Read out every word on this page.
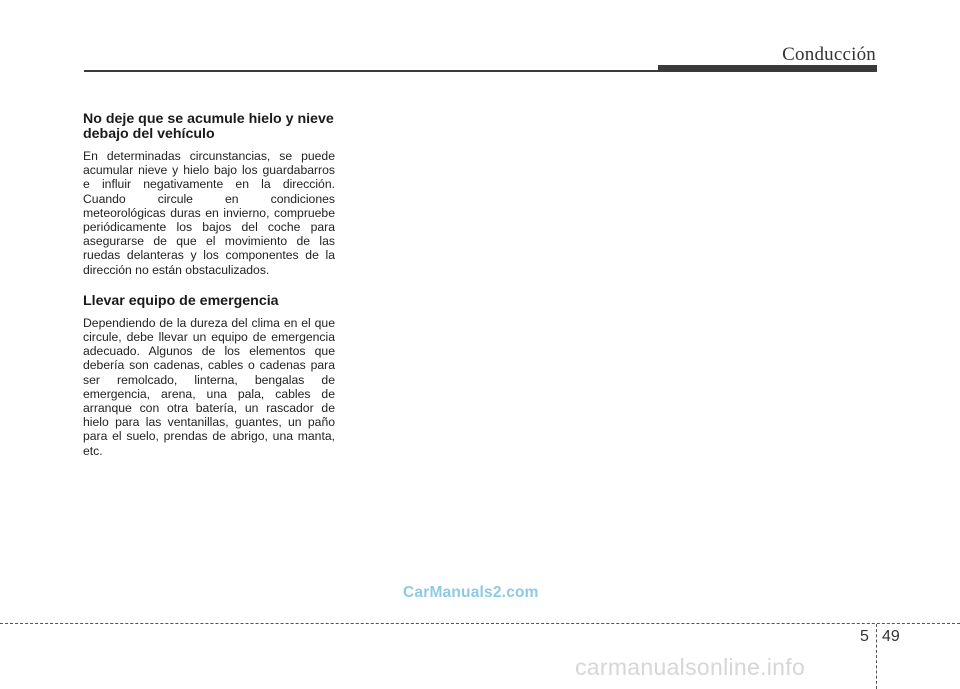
Conducción
No deje que se acumule hielo y nieve debajo del vehículo

En determinadas circunstancias, se puede acumular nieve y hielo bajo los guardabarros e influir negativamente en la dirección. Cuando circule en condiciones meteorológicas duras en invierno, compruebe periódicamente los bajos del coche para asegurarse de que el movimiento de las ruedas delanteras y los componentes de la dirección no están obstaculizados.

Llevar equipo de emergencia

Dependiendo de la dureza del clima en el que circule, debe llevar un equipo de emergencia adecuado. Algunos de los elementos que debería son cadenas, cables o cadenas para ser remolcado, linterna, bengalas de emergencia, arena, una pala, cables de arranque con otra batería, un rascador de hielo para las ventanillas, guantes, un paño para el suelo, prendas de abrigo, una manta, etc.

CarManuals2.com
5 49
carmanualsonline.info
